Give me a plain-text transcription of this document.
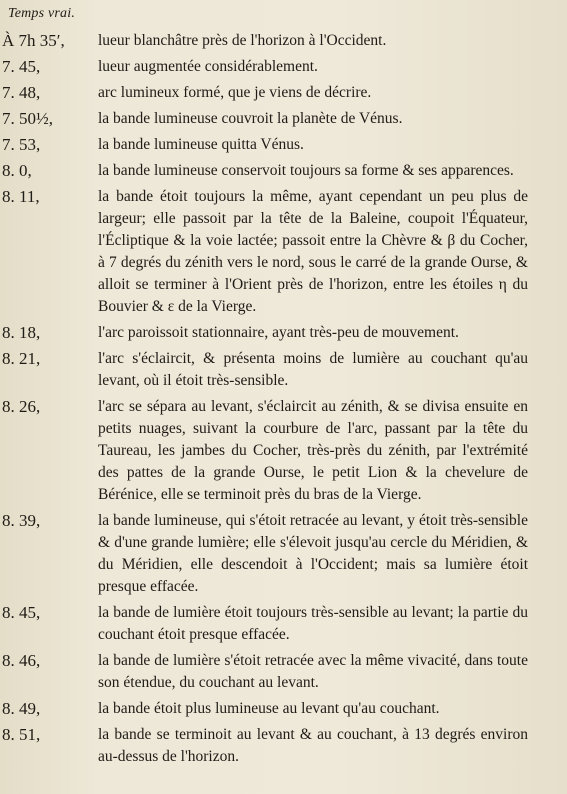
Temps vrai.
À 7h 35′,	lueur blanchâtre près de l'horizon à l'Occident.
7. 45,	lueur augmentée considérablement.
7. 48,	arc lumineux formé, que je viens de décrire.
7. 50½,	la bande lumineuse couvroit la planète de Vénus.
7. 53,	la bande lumineuse quitta Vénus.
8. 0,	la bande lumineuse conservoit toujours sa forme & ses apparences.
8. 11,	la bande étoit toujours la même, ayant cependant un peu plus de largeur; elle passoit par la tête de la Baleine, coupoit l'Équateur, l'Écliptique & la voie lactée; passoit entre la Chèvre & β du Cocher, à 7 degrés du zénith vers le nord, sous le carré de la grande Ourse, & alloit se terminer à l'Orient près de l'horizon, entre les étoiles η du Bouvier & ε de la Vierge.
8. 18,	l'arc paroissoit stationnaire, ayant très-peu de mouvement.
8. 21,	l'arc s'éclaircit, & présenta moins de lumière au couchant qu'au levant, où il étoit très-sensible.
8. 26,	l'arc se sépara au levant, s'éclaircit au zénith, & se divisa ensuite en petits nuages, suivant la courbure de l'arc, passant par la tête du Taureau, les jambes du Cocher, très-près du zénith, par l'extrémité des pattes de la grande Ourse, le petit Lion & la chevelure de Bérénice, elle se terminoit près du bras de la Vierge.
8. 39,	la bande lumineuse, qui s'étoit retracée au levant, y étoit très-sensible & d'une grande lumière; elle s'élevoit jusqu'au cercle du Méridien, & du Méridien, elle descendoit à l'Occident; mais sa lumière étoit presque effacée.
8. 45,	la bande de lumière étoit toujours très-sensible au levant; la partie du couchant étoit presque effacée.
8. 46,	la bande de lumière s'étoit retracée avec la même vivacité, dans toute son étendue, du couchant au levant.
8. 49,	la bande étoit plus lumineuse au levant qu'au couchant.
8. 51,	la bande se terminoit au levant & au couchant, à 13 degrés environ au-dessus de l'horizon.
